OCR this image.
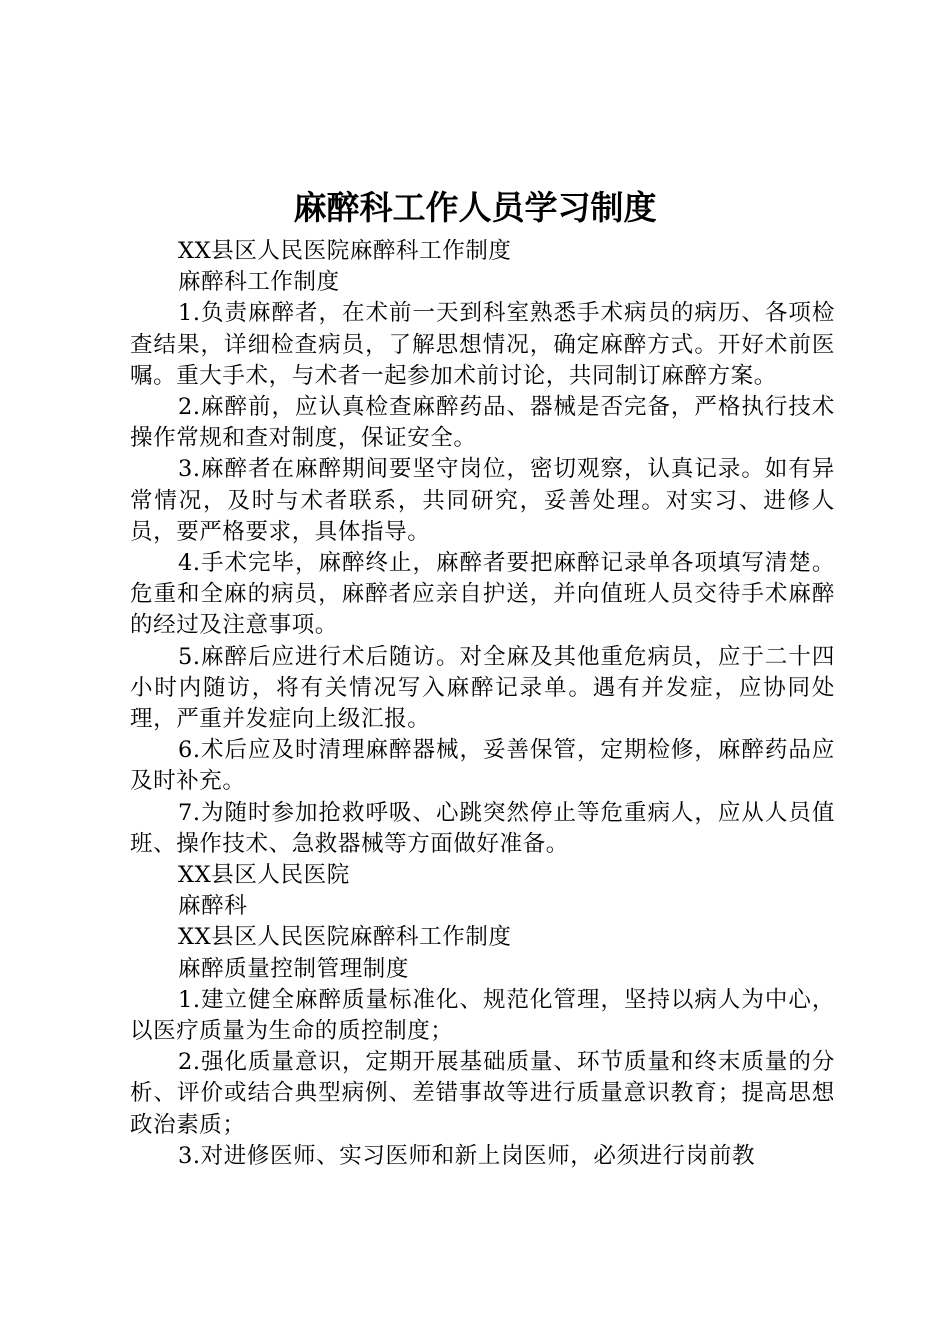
麻醉科工作人员学习制度

XX县区人民医院麻醉科工作制度

麻醉科工作制度

1.负责麻醉者，在术前一天到科室熟悉手术病员的病历、各项检查结果，详细检查病员，了解思想情况，确定麻醉方式。开好术前医嘱。重大手术，与术者一起参加术前讨论，共同制订麻醉方案。

2.麻醉前，应认真检查麻醉药品、器械是否完备，严格执行技术操作常规和查对制度，保证安全。

3.麻醉者在麻醉期间要坚守岗位，密切观察，认真记录。如有异常情况，及时与术者联系，共同研究，妥善处理。对实习、进修人员，要严格要求，具体指导。

4.手术完毕，麻醉终止，麻醉者要把麻醉记录单各项填写清楚。危重和全麻的病员，麻醉者应亲自护送，并向值班人员交待手术麻醉的经过及注意事项。

5.麻醉后应进行术后随访。对全麻及其他重危病员，应于二十四小时内随访，将有关情况写入麻醉记录单。遇有并发症，应协同处理，严重并发症向上级汇报。

6.术后应及时清理麻醉器械，妥善保管，定期检修，麻醉药品应及时补充。

7.为随时参加抢救呼吸、心跳突然停止等危重病人，应从人员值班、操作技术、急救器械等方面做好准备。

XX县区人民医院

麻醉科

XX县区人民医院麻醉科工作制度

麻醉质量控制管理制度

1.建立健全麻醉质量标准化、规范化管理，坚持以病人为中心，以医疗质量为生命的质控制度；

2.强化质量意识，定期开展基础质量、环节质量和终末质量的分析、评价或结合典型病例、差错事故等进行质量意识教育；提高思想政治素质；

3.对进修医师、实习医师和新上岗医师，必须进行岗前教
